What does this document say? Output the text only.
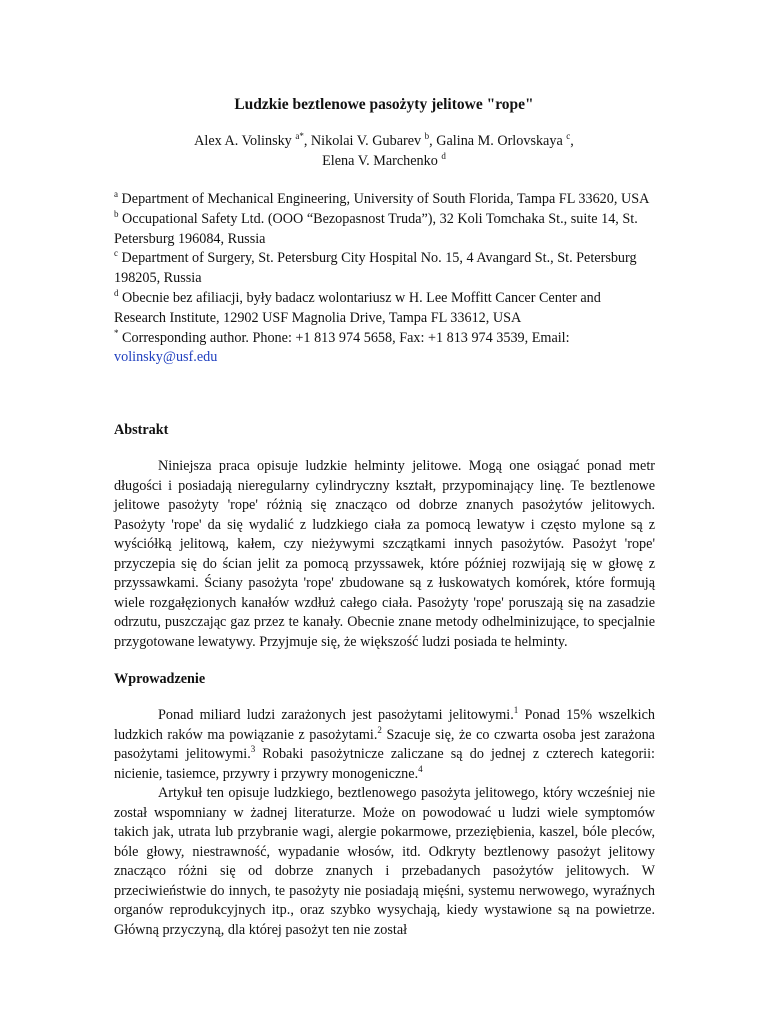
Ludzkie beztlenowe pasożyty jelitowe "rope"
Alex A. Volinsky $^{a*}$, Nikolai V. Gubarev $^b$, Galina M. Orlovskaya $^c$,
Elena V. Marchenko $^d$

$^a$ Department of Mechanical Engineering, University of South Florida, Tampa FL 33620, USA

$^b$ Occupational Safety Ltd. (OOO “Bezopasnost Truda”), 32 Koli Tomchaka St., suite 14, St. Petersburg 196084, Russia

$^c$ Department of Surgery, St. Petersburg City Hospital No. 15, 4 Avangard St., St. Petersburg 198205, Russia

$^d$ Obecnie bez afiliacji, były badacz wolontariusz w H. Lee Moffitt Cancer Center and Research Institute, 12902 USF Magnolia Drive, Tampa FL 33612, USA

* Corresponding author. Phone: +1 813 974 5658, Fax: +1 813 974 3539, Email:
volinsky@usf.edu

Abstrakt

Niniejsza praca opisuje ludzkie helminty jelitowe. Mogą one osiągać ponad metr długości i posiadają nieregularny cylindryczny kształt, przypominający linę. Te beztlenowe jelitowe pasożyty 'rope' różnią się znacząco od dobrze znanych pasożytów jelitowych. Pasożyty 'rope' da się wydalić z ludzkiego ciała za pomocą lewatyw i często mylone są z wyściółką jelitową, kałem, czy nieżywymi szczątkami innych pasożytów. Pasożyt 'rope' przyczepia się do ścian jelit za pomocą przyssawek, które później rozwijają się w głowę z przyssawkami. Ściany pasożyta 'rope' zbudowane są z łuskowatych komórek, które formują wiele rozgałęzionych kanałów wzdłuż całego ciała. Pasożyty 'rope' poruszają się na zasadzie odrzutu, puszczając gaz przez te kanały. Obecnie znane metody odhelminizujące, to specjalnie przygotowane lewatywy. Przyjmuje się, że większość ludzi posiada te helminty.

Wprowadzenie

Ponad miliard ludzi zarażonych jest pasożytami jelitowymi.$^1$ Ponad 15% wszelkich ludzkich raków ma powiązanie z pasożytami.$^2$ Szacuje się, że co czwarta osoba jest zarażona pasożytami jelitowymi.$^3$ Robaki pasożytnicze zaliczane są do jednej z czterech kategorii: nicienie, tasiemce, przywry i przywry monogeniczne.$^4$

Artykuł ten opisuje ludzkiego, beztlenowego pasożyta jelitowego, który wcześniej nie został wspomniany w żadnej literaturze. Może on powodować u ludzi wiele symptomów takich jak, utrata lub przybranie wagi, alergie pokarmowe, przeziębienia, kaszel, bóle pleców, bóle głowy, niestrawność, wypadanie włosów, itd. Odkryty beztlenowy pasożyt jelitowy znacząco różni się od dobrze znanych i przebadanych pasożytów jelitowych. W przeciwieństwie do innych, te pasożyty nie posiadają mięśni, systemu nerwowego, wyraźnych organów reprodukcyjnych itp., oraz szybko wysychają, kiedy wystawione są na powietrze. Główną przyczyną, dla której pasożyt ten nie został
